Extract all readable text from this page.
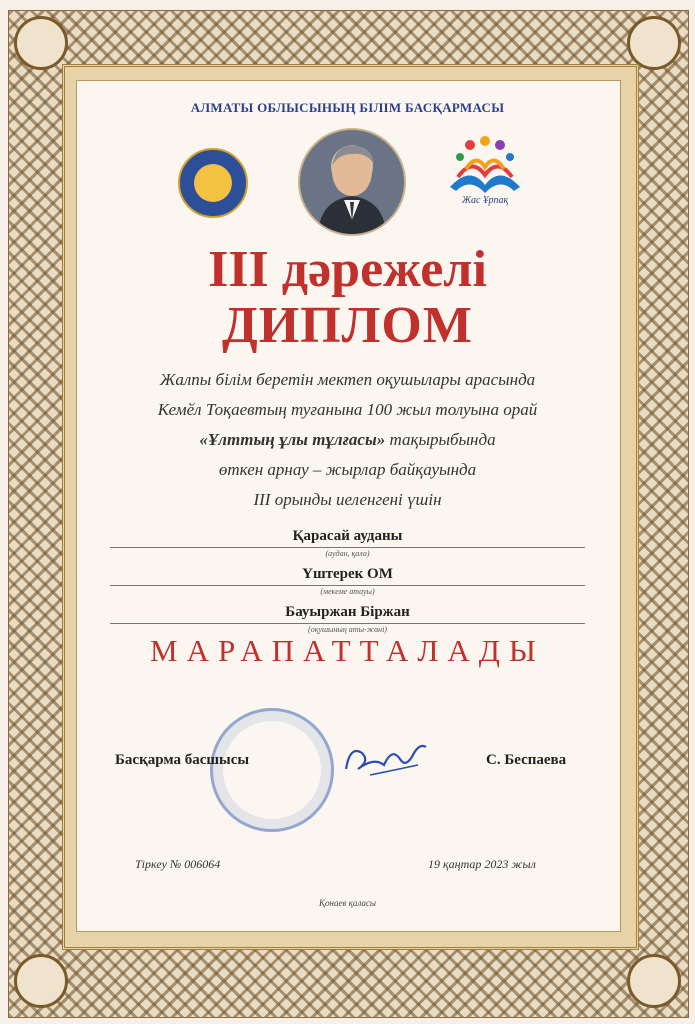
АЛМАТЫ ОБЛЫСЫНЫҢ БІЛІМ БАСҚАРМАСЫ
Жас Ұрпақ
ІІІ дәрежелі
ДИПЛОМ
Жалпы білім беретін мектеп оқушылары арасында
Кемӗл Тоқаевтың туғанына 100 жыл толуына орай
«Ұлттың ұлы тұлғасы» тақырыбында
өткен арнау – жырлар байқауында
ІІІ орынды иеленгені үшін
Қарасай ауданы
(аудан, қала)
Үштерек ОМ
(мекеме атауы)
Бауыржан Біржан
(оқушының аты-жөні)
МАРАПАТТАЛАДЫ
Басқарма басшысы	С. Беспаева
Тіркеу № 006064	19 қаңтар 2023 жыл
Қонаев қаласы
